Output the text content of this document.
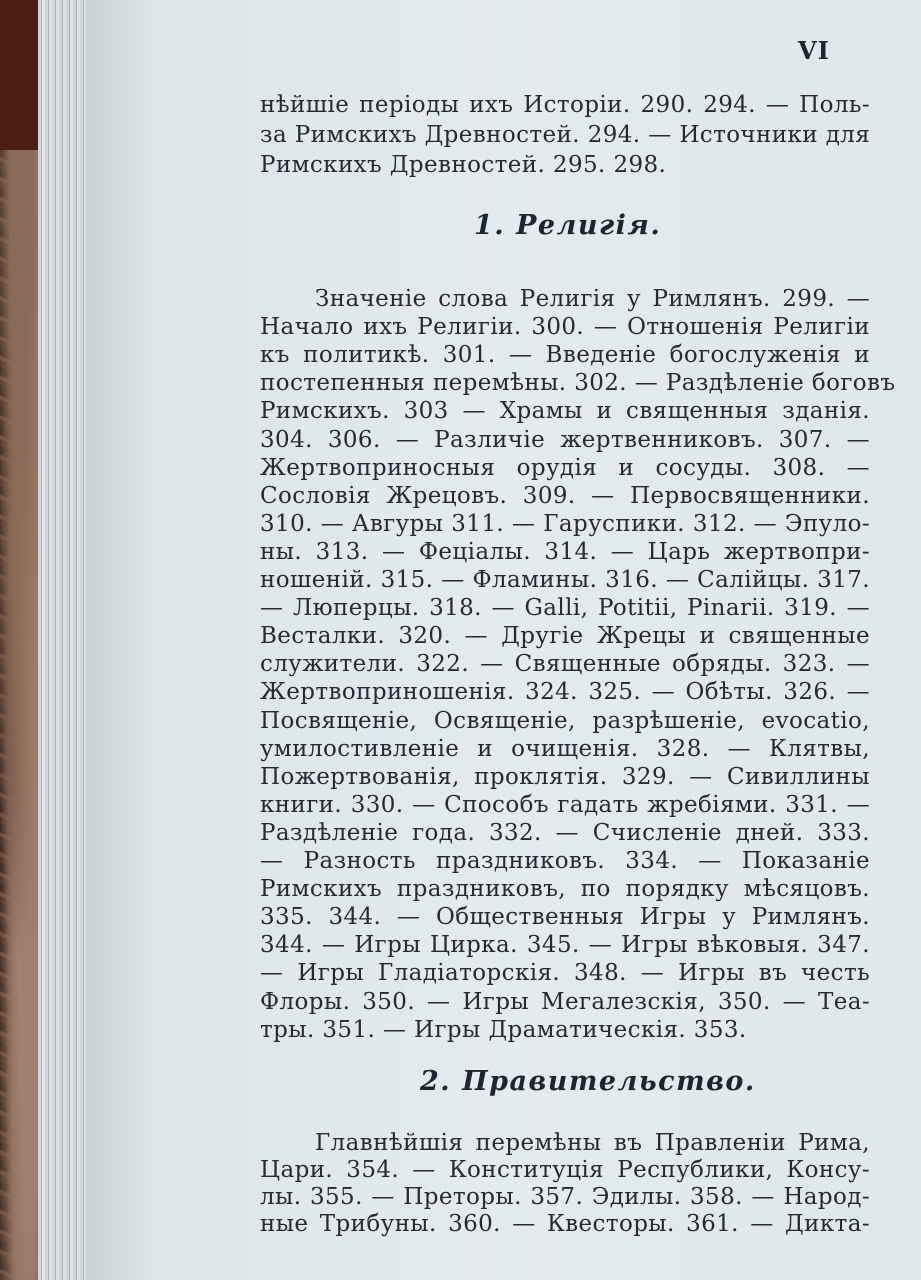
VI
нѣйшіе періоды ихъ Исторіи. 290. 294. — Поль-
за Римскихъ Древностей. 294. — Источники для
Римскихъ Древностей. 295. 298.
1. Религія.
Значеніе слова Религія у Римлянъ. 299. —
Начало ихъ Религіи. 300. — Отношенія Религіи
къ политикѣ. 301. — Введеніе богослуженія и
постепенныя перемѣны. 302. — Раздѣленіе боговъ
Римскихъ. 303 — Храмы и священныя зданія.
304. 306. — Различіе жертвенниковъ. 307. —
Жертвоприносныя орудія и сосуды. 308. —
Сословія Жрецовъ. 309. — Первосвященники.
310. — Авгуры 311. — Гаруспики. 312. — Эпуло-
ны. 313. — Феціалы. 314. — Царь жертвопри-
ношеній. 315. — Фламины. 316. — Салійцы. 317.
— Люперцы. 318. — Galli, Potitii, Pinarii. 319. —
Весталки. 320. — Другіе Жрецы и священные
служители. 322. — Священные обряды. 323. —
Жертвоприношенія. 324. 325. — Обѣты. 326. —
Посвященіе, Освященіе, разрѣшеніе, evocatio,
умилостивленіе и очищенія. 328. — Клятвы,
Пожертвованія, проклятія. 329. — Сивиллины
книги. 330. — Способъ гадать жребіями. 331. —
Раздѣленіе года. 332. — Счисленіе дней. 333.
— Разность праздниковъ. 334. — Показаніе
Римскихъ праздниковъ, по порядку мѣсяцовъ.
335. 344. — Общественныя Игры у Римлянъ.
344. — Игры Цирка. 345. — Игры вѣковыя. 347.
— Игры Гладіаторскія. 348. — Игры въ честь
Флоры. 350. — Игры Мегалезскія, 350. — Теа-
тры. 351. — Игры Драматическія. 353.
2. Правительство.
Главнѣйшія перемѣны въ Правленіи Рима,
Цари. 354. — Конституція Республики, Консу-
лы. 355. — Преторы. 357. Эдилы. 358. — Народ-
ные Трибуны. 360. — Квесторы. 361. — Дикта-
